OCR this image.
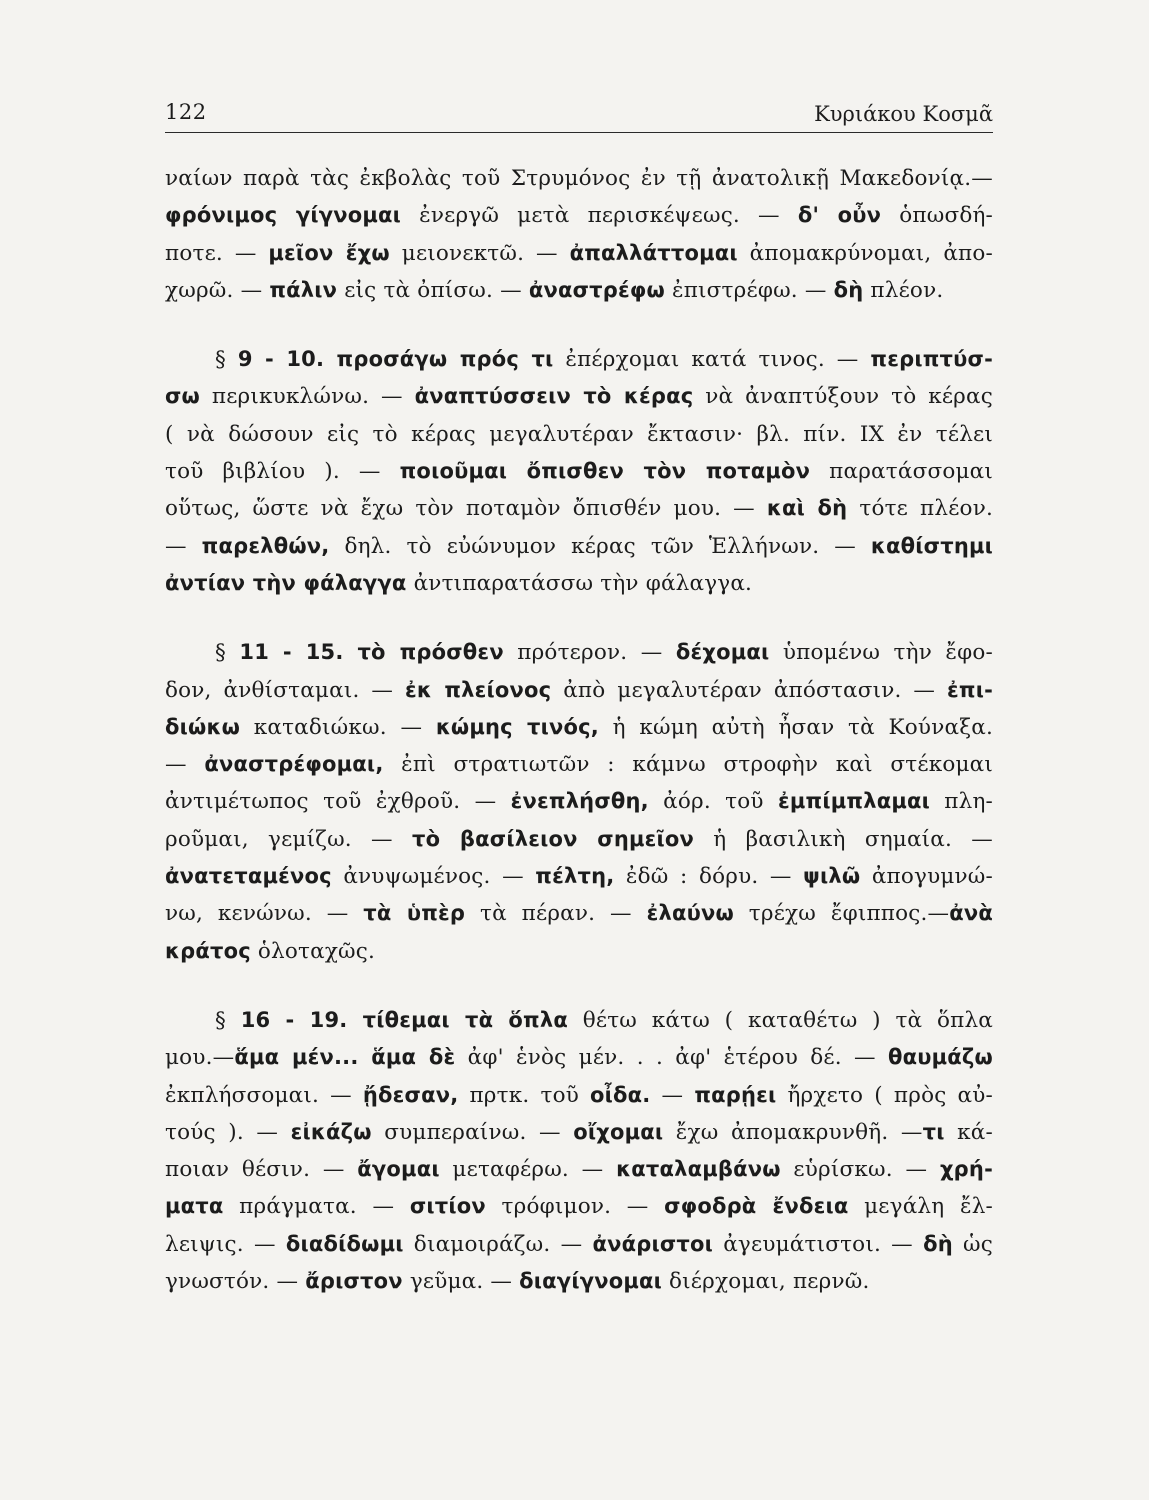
122	Κυριάκου Κοσμᾶ
ναίων παρὰ τὰς ἐκβολὰς τοῦ Στρυμόνος ἐν τῇ ἀνατολικῇ Μακεδονίᾳ.—
φρόνιμος γίγνομαι ἐνεργῶ μετὰ περισκέψεως. — δ' οὖν ὁπωσδή-
ποτε. — μεῖον ἔχω μειονεκτῶ. — ἀπαλλάττομαι ἀπομακρύνομαι, ἀπο-
χωρῶ. — πάλιν εἰς τὰ ὀπίσω. — ἀναστρέφω ἐπιστρέφω. — δὴ πλέον.
§ 9 - 10. προσάγω πρός τι ἐπέρχομαι κατά τινος. — περιπτύσ-
σω περικυκλώνω. — ἀναπτύσσειν τὸ κέρας νὰ ἀναπτύξουν τὸ κέρας
( νὰ δώσουν εἰς τὸ κέρας μεγαλυτέραν ἔκτασιν· βλ. πίν. IX ἐν τέλει
τοῦ βιβλίου ). — ποιοῦμαι ὄπισθεν τὸν ποταμὸν παρατάσσομαι
οὕτως, ὥστε νὰ ἔχω τὸν ποταμὸν ὄπισθέν μου. — καὶ δὴ τότε πλέον.
— παρελθών, δηλ. τὸ εὐώνυμον κέρας τῶν Ἑλλήνων. — καθίστημι
ἀντίαν τὴν φάλαγγα ἀντιπαρατάσσω τὴν φάλαγγα.
§ 11 - 15. τὸ πρόσθεν πρότερον. — δέχομαι ὑπομένω τὴν ἔφο-
δον, ἀνθίσταμαι. — ἐκ πλείονος ἀπὸ μεγαλυτέραν ἀπόστασιν. — ἐπι-
διώκω καταδιώκω. — κώμης τινός, ἡ κώμη αὐτὴ ἦσαν τὰ Κούναξα.
— ἀναστρέφομαι, ἐπὶ στρατιωτῶν : κάμνω στροφὴν καὶ στέκομαι
ἀντιμέτωπος τοῦ ἐχθροῦ. — ἐνεπλήσθη, ἀόρ. τοῦ ἐμπίμπλαμαι πλη-
ροῦμαι, γεμίζω. — τὸ βασίλειον σημεῖον ἡ βασιλικὴ σημαία. —
ἀνατεταμένος ἀνυψωμένος. — πέλτη, ἐδῶ : δόρυ. — ψιλῶ ἀπογυμνώ-
νω, κενώνω. — τὰ ὑπὲρ τὰ πέραν. — ἐλαύνω τρέχω ἔφιππος.—ἀνὰ
κράτος ὁλοταχῶς.
§ 16 - 19. τίθεμαι τὰ ὅπλα θέτω κάτω ( καταθέτω ) τὰ ὅπλα
μου.—ἅμα μέν... ἅμα δὲ ἀφ' ἑνὸς μέν. . . ἀφ' ἑτέρου δέ. — θαυμάζω
ἐκπλήσσομαι. — ᾔδεσαν, πρτκ. τοῦ οἶδα. — παρῄει ἤρχετο ( πρὸς αὐ-
τούς ). — εἰκάζω συμπεραίνω. — οἴχομαι ἔχω ἀπομακρυνθῆ. —τι κά-
ποιαν θέσιν. — ἄγομαι μεταφέρω. — καταλαμβάνω εὑρίσκω. — χρή-
ματα πράγματα. — σιτίον τρόφιμον. — σφοδρὰ ἔνδεια μεγάλη ἔλ-
λειψις. — διαδίδωμι διαμοιράζω. — ἀνάριστοι ἀγευμάτιστοι. — δὴ ὡς
γνωστόν. — ἄριστον γεῦμα. — διαγίγνομαι διέρχομαι, περνῶ.
